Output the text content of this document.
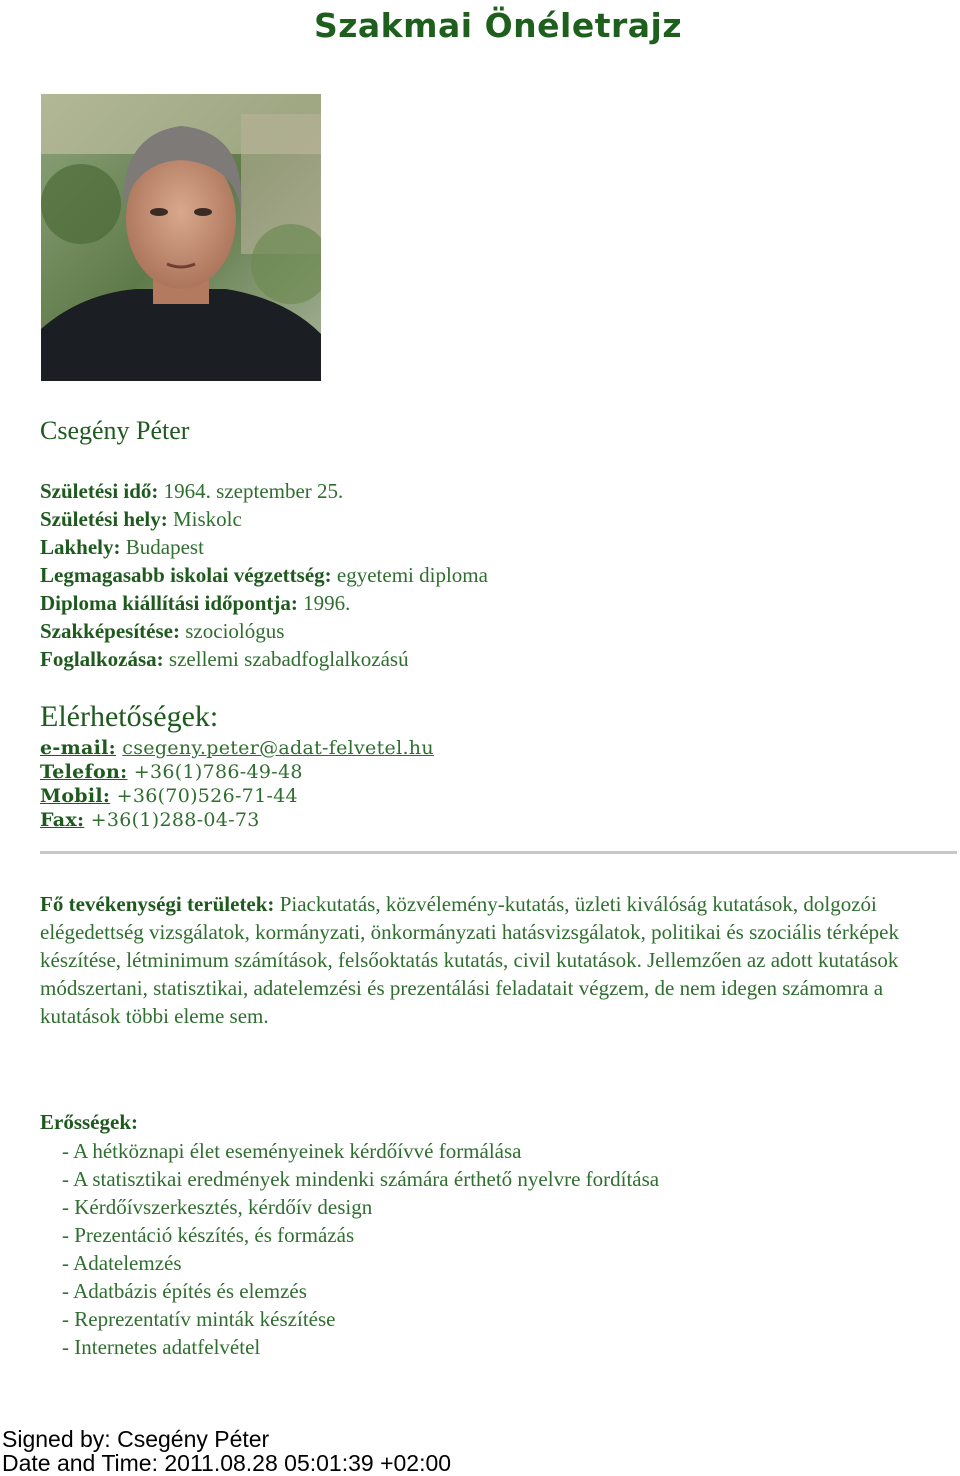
Szakmai Önéletrajz
Csegény Péter
Születési idő: 1964. szeptember 25.
Születési hely: Miskolc
Lakhely: Budapest
Legmagasabb iskolai végzettség: egyetemi diploma
Diploma kiállítási időpontja: 1996.
Szakképesítése: szociológus
Foglalkozása: szellemi szabadfoglalkozású
Elérhetőségek:
e-mail: csegeny.peter@adat-felvetel.hu
Telefon: +36(1)786-49-48
Mobil: +36(70)526-71-44
Fax: +36(1)288-04-73
Fő tevékenységi területek: Piackutatás, közvélemény-kutatás, üzleti kiválóság kutatások, dolgozói elégedettség vizsgálatok, kormányzati, önkormányzati hatásvizsgálatok, politikai és szociális térképek készítése, létminimum számítások, felsőoktatás kutatás, civil kutatások. Jellemzően az adott kutatások módszertani, statisztikai, adatelemzési és prezentálási feladatait végzem, de nem idegen számomra a kutatások többi eleme sem.
Erősségek:
- A hétköznapi élet eseményeinek kérdőívvé formálása
- A statisztikai eredmények mindenki számára érthető nyelvre fordítása
- Kérdőívszerkesztés, kérdőív design
- Prezentáció készítés, és formázás
- Adatelemzés
- Adatbázis építés és elemzés
- Reprezentatív minták készítése
- Internetes adatfelvétel
Signed by: Csegény Péter
Date and Time: 2011.08.28 05:01:39 +02:00
